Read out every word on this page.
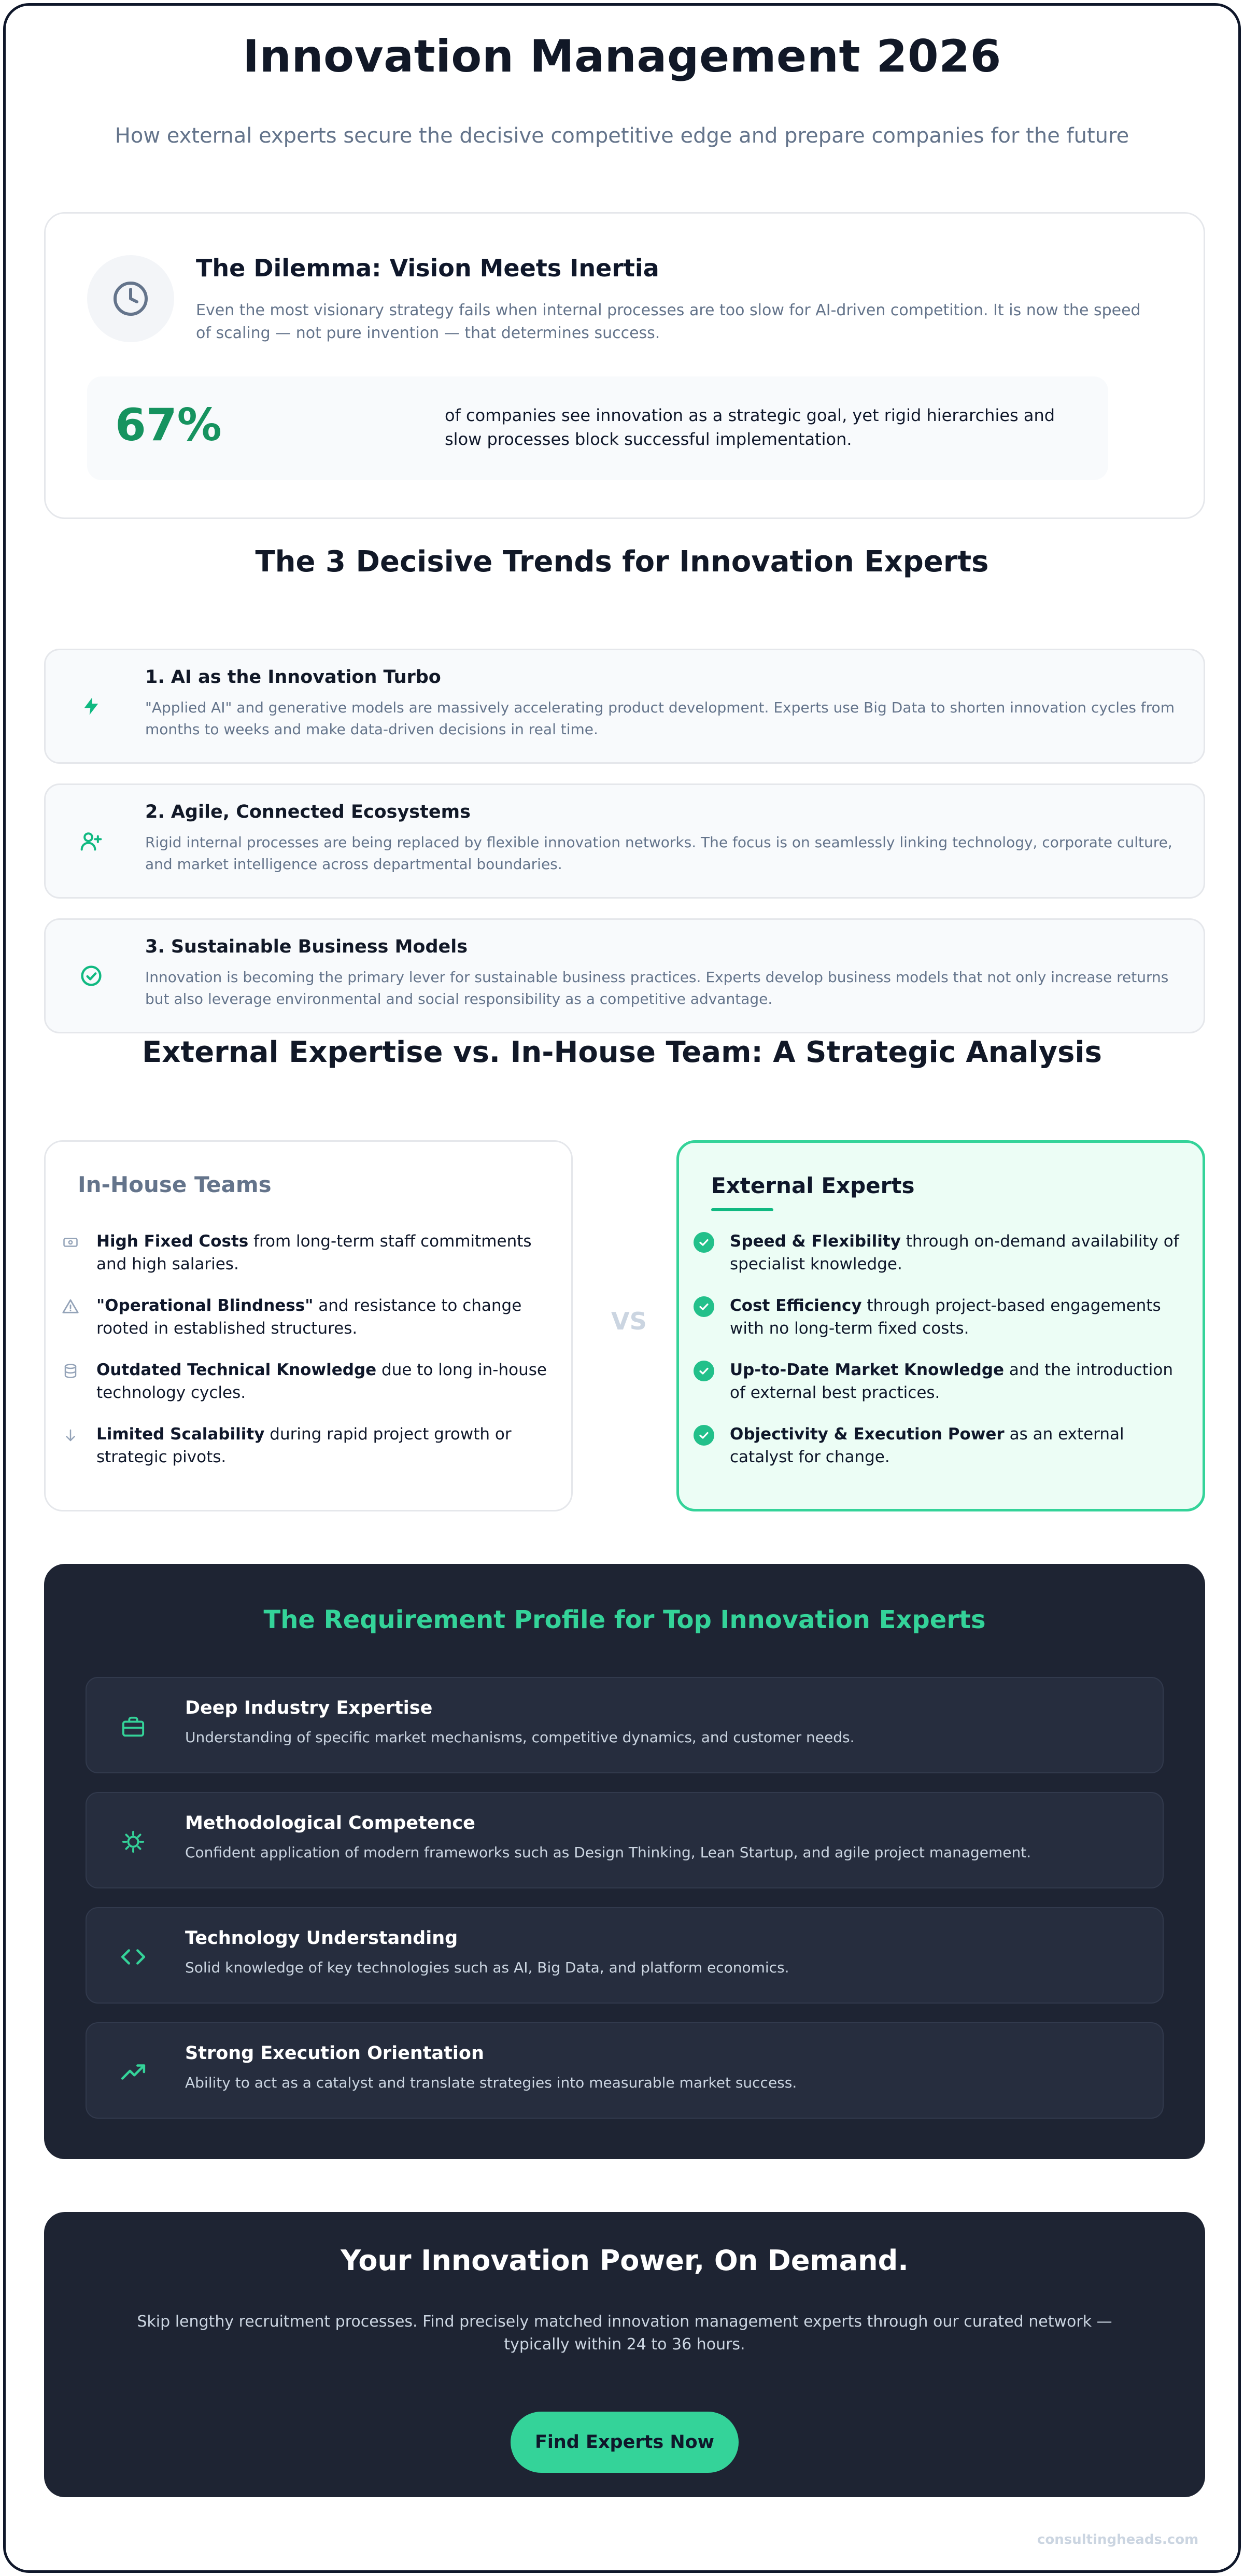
Innovation Management 2026
How external experts secure the decisive competitive edge and prepare companies for the future
The Dilemma: Vision Meets Inertia
Even the most visionary strategy fails when internal processes are too slow for AI-driven competition. It is now the speed of scaling — not pure invention — that determines success.
67%	of companies see innovation as a strategic goal, yet rigid hierarchies and slow processes block successful implementation.
The 3 Decisive Trends for Innovation Experts
1. AI as the Innovation Turbo
"Applied AI" and generative models are massively accelerating product development. Experts use Big Data to shorten innovation cycles from months to weeks and make data-driven decisions in real time.
2. Agile, Connected Ecosystems
Rigid internal processes are being replaced by flexible innovation networks. The focus is on seamlessly linking technology, corporate culture, and market intelligence across departmental boundaries.
3. Sustainable Business Models
Innovation is becoming the primary lever for sustainable business practices. Experts develop business models that not only increase returns but also leverage environmental and social responsibility as a competitive advantage.
External Expertise vs. In-House Team: A Strategic Analysis
In-House Teams
High Fixed Costs from long-term staff commitments and high salaries.
"Operational Blindness" and resistance to change rooted in established structures.
Outdated Technical Knowledge due to long in-house technology cycles.
Limited Scalability during rapid project growth or strategic pivots.
VS
External Experts
Speed & Flexibility through on-demand availability of specialist knowledge.
Cost Efficiency through project-based engagements with no long-term fixed costs.
Up-to-Date Market Knowledge and the introduction of external best practices.
Objectivity & Execution Power as an external catalyst for change.
The Requirement Profile for Top Innovation Experts
Deep Industry Expertise
Understanding of specific market mechanisms, competitive dynamics, and customer needs.
Methodological Competence
Confident application of modern frameworks such as Design Thinking, Lean Startup, and agile project management.
Technology Understanding
Solid knowledge of key technologies such as AI, Big Data, and platform economics.
Strong Execution Orientation
Ability to act as a catalyst and translate strategies into measurable market success.
Your Innovation Power, On Demand.
Skip lengthy recruitment processes. Find precisely matched innovation management experts through our curated network — typically within 24 to 36 hours.
Find Experts Now
consultingheads.com
